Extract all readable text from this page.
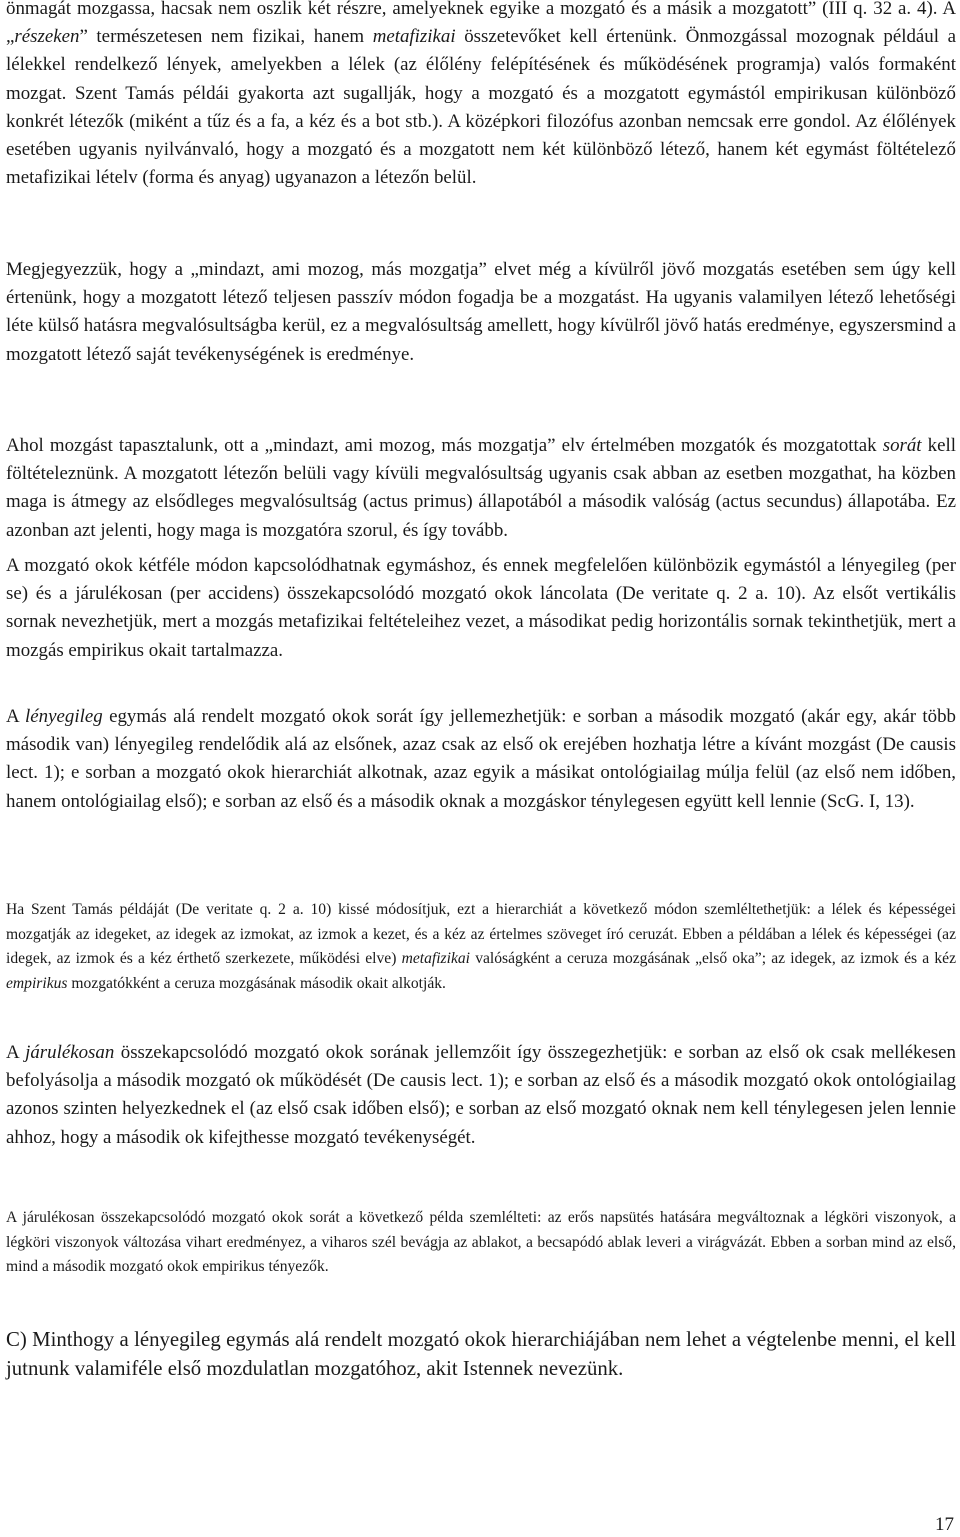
önmagát mozgassa, hacsak nem oszlik két részre, amelyeknek egyike a mozgató és a másik a mozgatott” (III q. 32 a. 4). A „részeken” természetesen nem fizikai, hanem metafizikai összetevőket kell értenünk. Önmozgással mozognak például a lélekkel rendelkező lények, amelyekben a lélek (az élőlény felépítésének és működésének programja) valós formaként mozgat. Szent Tamás példái gyakorta azt sugallják, hogy a mozgató és a mozgatott egymástól empirikusan különböző konkrét létezők (miként a tűz és a fa, a kéz és a bot stb.). A középkori filozófus azonban nemcsak erre gondol. Az élőlények esetében ugyanis nyilvánvaló, hogy a mozgató és a mozgatott nem két különböző létező, hanem két egymást föltételező metafizikai lételv (forma és anyag) ugyanazon a létezőn belül.

Megjegyezzük, hogy a „mindazt, ami mozog, más mozgatja” elvet még a kívülről jövő mozgatás esetében sem úgy kell értenünk, hogy a mozgatott létező teljesen passzív módon fogadja be a mozgatást. Ha ugyanis valamilyen létező lehetőségi léte külső hatásra megvalósultságba kerül, ez a megvalósultság amellett, hogy kívülről jövő hatás eredménye, egyszersmind a mozgatott létező saját tevékenységének is eredménye.

Ahol mozgást tapasztalunk, ott a „mindazt, ami mozog, más mozgatja” elv értelmében mozgatók és mozgatottak sorát kell föltételeznünk. A mozgatott létezőn belüli vagy kívüli megvalósultság ugyanis csak abban az esetben mozgathat, ha közben maga is átmegy az elsődleges megvalósultság (actus primus) állapotából a második valóság (actus secundus) állapotába. Ez azonban azt jelenti, hogy maga is mozgatóra szorul, és így tovább.

A mozgató okok kétféle módon kapcsolódhatnak egymáshoz, és ennek megfelelően különbözik egymástól a lényegileg (per se) és a járulékosan (per accidens) összekapcsolódó mozgató okok láncolata (De veritate q. 2 a. 10). Az elsőt vertikális sornak nevezhetjük, mert a mozgás metafizikai feltételeihez vezet, a másodikat pedig horizontális sornak tekinthetjük, mert a mozgás empirikus okait tartalmazza.

A lényegileg egymás alá rendelt mozgató okok sorát így jellemezhetjük: e sorban a második mozgató (akár egy, akár több második van) lényegileg rendelődik alá az elsőnek, azaz csak az első ok erejében hozhatja létre a kívánt mozgást (De causis lect. 1); e sorban a mozgató okok hierarchiát alkotnak, azaz egyik a másikat ontológiailag múlja felül (az első nem időben, hanem ontológiailag első); e sorban az első és a második oknak a mozgáskor ténylegesen együtt kell lennie (ScG. I, 13).

Ha Szent Tamás példáját (De veritate q. 2 a. 10) kissé módosítjuk, ezt a hierarchiát a következő módon szemléltethetjük: a lélek és képességei mozgatják az idegeket, az idegek az izmokat, az izmok a kezet, és a kéz az értelmes szöveget író ceruzát. Ebben a példában a lélek és képességei (az idegek, az izmok és a kéz érthető szerkezete, működési elve) metafizikai valóságként a ceruza mozgásának „első oka”; az idegek, az izmok és a kéz empirikus mozgatókként a ceruza mozgásának második okait alkotják.

A járulékosan összekapcsolódó mozgató okok sorának jellemzőit így összegezhetjük: e sorban az első ok csak mellékesen befolyásolja a második mozgató ok működését (De causis lect. 1); e sorban az első és a második mozgató okok ontológiailag azonos szinten helyezkednek el (az első csak időben első); e sorban az első mozgató oknak nem kell ténylegesen jelen lennie ahhoz, hogy a második ok kifejthesse mozgató tevékenységét.

A járulékosan összekapcsolódó mozgató okok sorát a következő példa szemlélteti: az erős napsütés hatására megváltoznak a légköri viszonyok, a légköri viszonyok változása vihart eredményez, a viharos szél bevágja az ablakot, a becsapódó ablak leveri a virágvázát. Ebben a sorban mind az első, mind a második mozgató okok empirikus tényezők.

C) Minthogy a lényegileg egymás alá rendelt mozgató okok hierarchiájában nem lehet a végtelenbe menni, el kell jutnunk valamiféle első mozdulatlan mozgatóhoz, akit Istennek nevezünk.

17
